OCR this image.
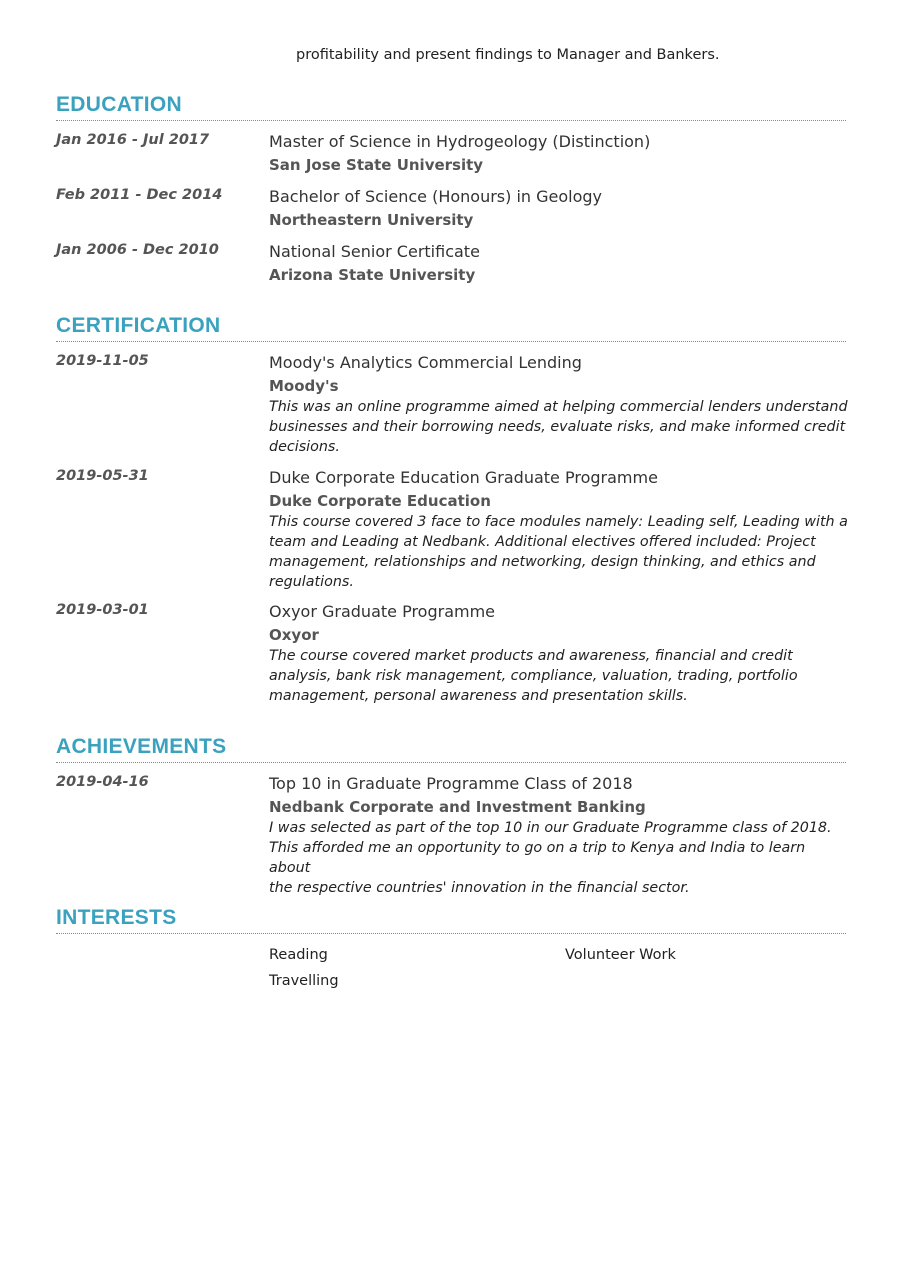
profitability and present findings to Manager and Bankers.
EDUCATION
Jan 2016 - Jul 2017	Master of Science in Hydrogeology (Distinction)
San Jose State University
Feb 2011 - Dec 2014	Bachelor of Science (Honours) in Geology
Northeastern University
Jan 2006 - Dec 2010	National Senior Certificate
Arizona State University
CERTIFICATION
2019-11-05	Moody's Analytics Commercial Lending
Moody's
This was an online programme aimed at helping commercial lenders understand
businesses and their borrowing needs, evaluate risks, and make informed credit
decisions.
2019-05-31	Duke Corporate Education Graduate Programme
Duke Corporate Education
This course covered 3 face to face modules namely: Leading self, Leading with a
team and Leading at Nedbank. Additional electives offered included: Project
management, relationships and networking, design thinking, and ethics and
regulations.
2019-03-01	Oxyor Graduate Programme
Oxyor
The course covered market products and awareness, financial and credit
analysis, bank risk management, compliance, valuation, trading, portfolio
management, personal awareness and presentation skills.
ACHIEVEMENTS
2019-04-16	Top 10 in Graduate Programme Class of 2018
Nedbank Corporate and Investment Banking
I was selected as part of the top 10 in our Graduate Programme class of 2018.
This afforded me an opportunity to go on a trip to Kenya and India to learn about
the respective countries' innovation in the financial sector.
INTERESTS
Reading	Volunteer Work
Travelling
